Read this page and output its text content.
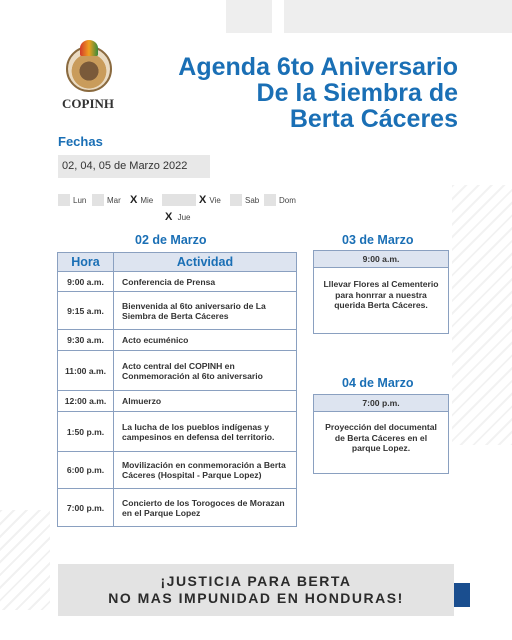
COPINH
Agenda 6to Aniversario
De la Siembra de
Berta Cáceres
Fechas
02, 04, 05 de Marzo 2022
Lun	Mar X Mie	X Vie	Sab Dom
X Jue
02 de Marzo
Hora	Actividad
9:00 a.m.	Conferencia de Prensa
9:15 a.m.	Bienvenida al 6to aniversario de La Siembra de Berta Cáceres
9:30 a.m.	Acto ecuménico
11:00 a.m.	Acto central del COPINH en Conmemoración al 6to aniversario
12:00 a.m.	Almuerzo
1:50 p.m.	La lucha de los pueblos indígenas y campesinos en defensa del territorio.
6:00 p.m.	Movilización en conmemoración a Berta Cáceres (Hospital - Parque Lopez)
7:00 p.m.	Concierto de los Torogoces de Morazan en el Parque Lopez
03 de Marzo
9:00 a.m.
Lllevar Flores al Cementerio para honrrar a nuestra querida Berta Cáceres.
04 de Marzo
7:00 p.m.
Proyección del documental de Berta Cáceres en el parque Lopez.
¡JUSTICIA PARA BERTA
NO MAS IMPUNIDAD EN HONDURAS!
